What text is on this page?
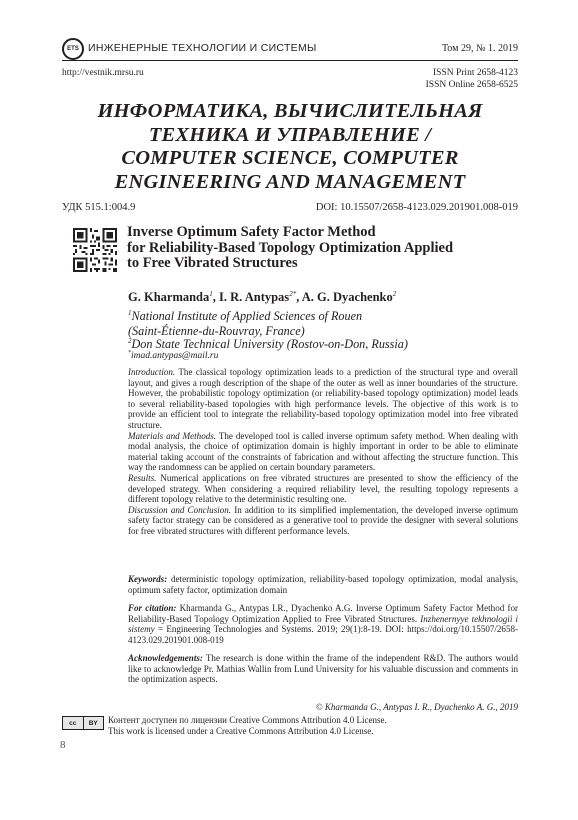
ETS ИНЖЕНЕРНЫЕ ТЕХНОЛОГИИ И СИСТЕМЫ	Том 29, № 1. 2019
http://vestnik.mrsu.ru	ISSN Print 2658-4123
ISSN Online 2658-6525
ИНФОРМАТИКА, ВЫЧИСЛИТЕЛЬНАЯ
ТЕХНИКА И УПРАВЛЕНИЕ /
COMPUTER SCIENCE, COMPUTER
ENGINEERING AND MANAGEMENT
УДК 515.1:004.9	DOI: 10.15507/2658-4123.029.201901.008-019
Inverse Optimum Safety Factor Method
for Reliability-Based Topology Optimization Applied
to Free Vibrated Structures
G. Kharmanda$^1$, I. R. Antypas$^{2*}$, A. G. Dyachenko$^2$
$^1$National Institute of Applied Sciences of Rouen
(Saint-Étienne-du-Rouvray, France)
$^2$Don State Technical University (Rostov-on-Don, Russia)
*imad.antypas@mail.ru
Introduction. The classical topology optimization leads to a prediction of the structural type and overall layout, and gives a rough description of the shape of the outer as well as inner boundaries of the structure. However, the probabilistic topology optimization (or reliability-based topology optimization) model leads to several reliability-based topologies with high performance levels. The objective of this work is to provide an efficient tool to integrate the reliability-based topology optimization model into free vibrated structure.
Materials and Methods. The developed tool is called inverse optimum safety method. When dealing with modal analysis, the choice of optimization domain is highly important in order to be able to eliminate material taking account of the constraints of fabrication and without affecting the structure function. This way the randomness can be applied on certain boundary parameters.
Results. Numerical applications on free vibrated structures are presented to show the efficiency of the developed strategy. When considering a required reliability level, the resulting topology represents a different topology relative to the deterministic resulting one.
Discussion and Conclusion. In addition to its simplified implementation, the developed inverse optimum safety factor strategy can be considered as a generative tool to provide the designer with several solutions for free vibrated structures with different performance levels.
Keywords: deterministic topology optimization, reliability-based topology optimization, modal analysis, optimum safety factor, optimization domain
For citation: Kharmanda G., Antypas I.R., Dyachenko A.G. Inverse Optimum Safety Factor Method for Reliability-Based Topology Optimization Applied to Free Vibrated Structures. Inzhenernyye tekhnologii i sistemy = Engineering Technologies and Systems. 2019; 29(1):8-19. DOI: https://doi.org/10.15507/2658-4123.029.201901.008-019
Acknowledgements: The research is done within the frame of the independent R&D. The authors would like to acknowledge Pr. Mathias Wallin from Lund University for his valuable discussion and comments in the optimization aspects.
© Kharmanda G., Antypas I. R., Dyachenko A. G., 2019
cc	BY	Контент доступен по лицензии Creative Commons Attribution 4.0 License.
This work is licensed under a Creative Commons Attribution 4.0 License.
8
